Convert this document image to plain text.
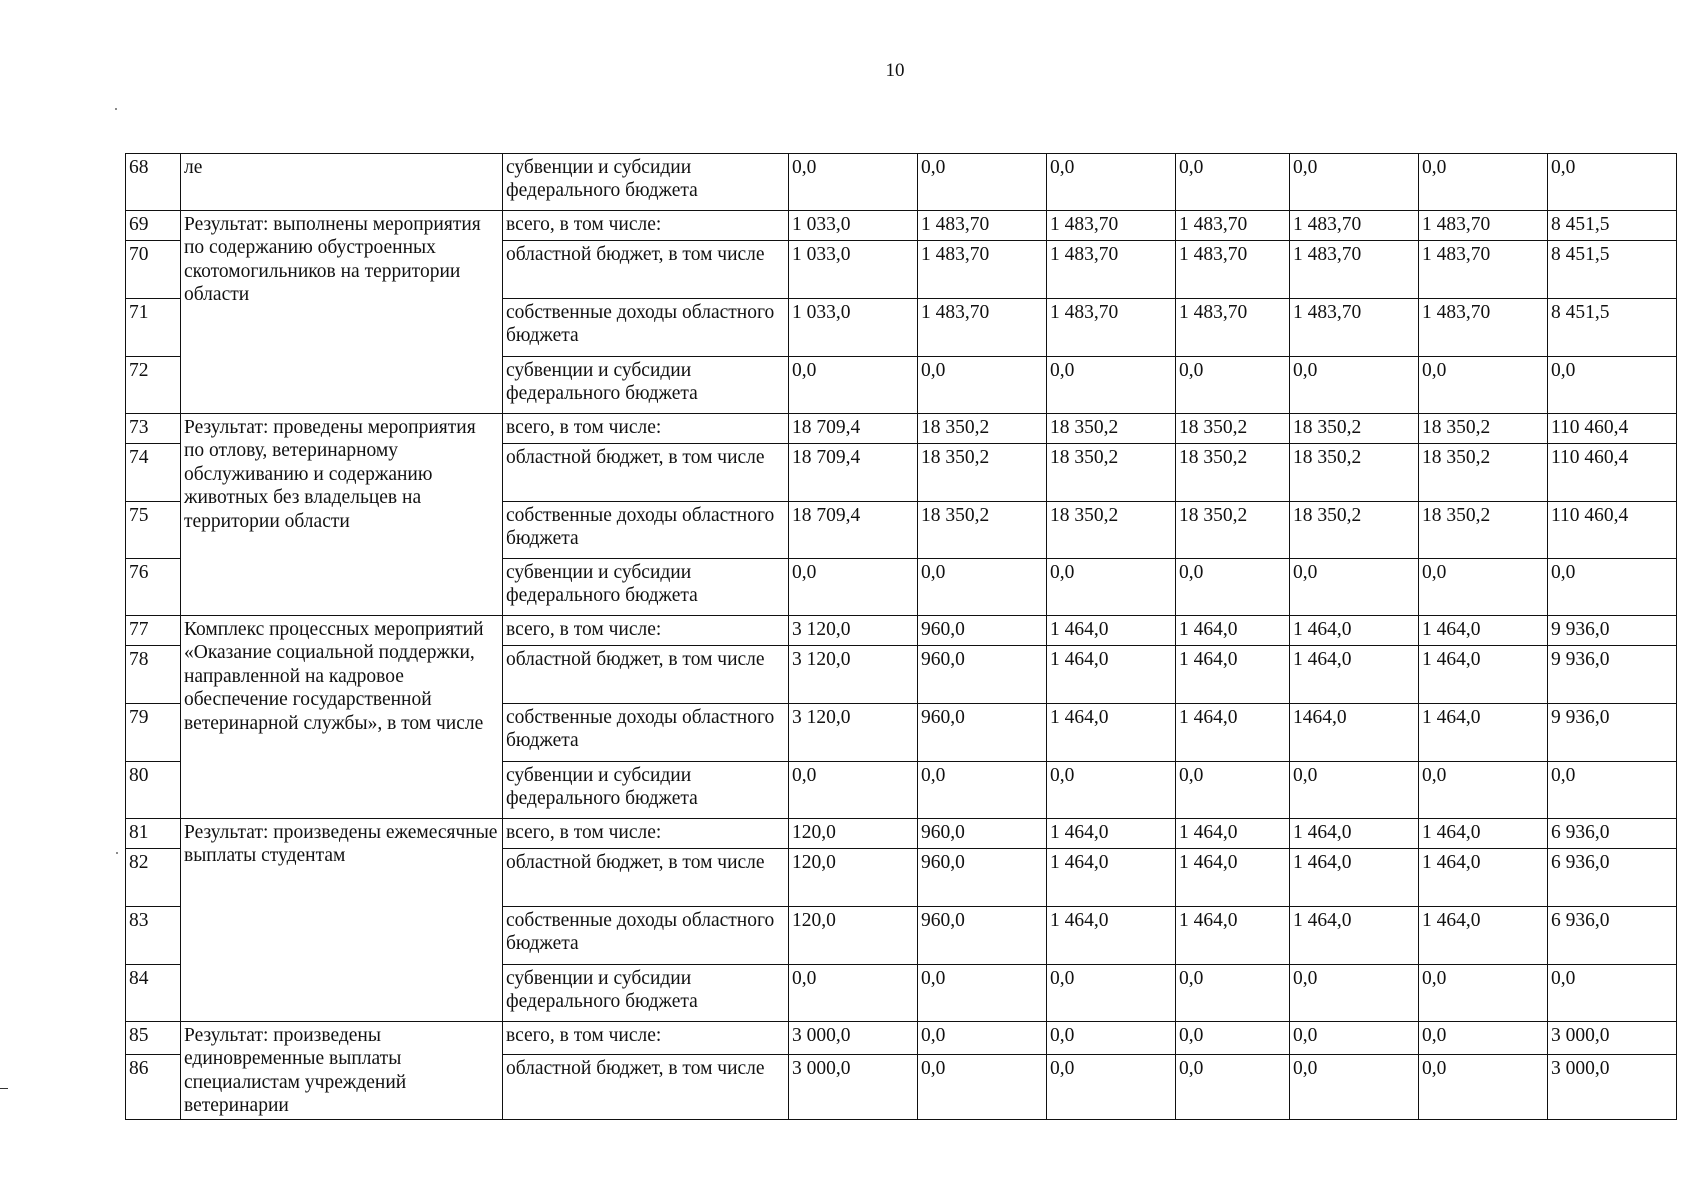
10
68	ле	субвенции и субсидии федерального бюджета	0,0	0,0	0,0	0,0	0,0	0,0	0,0
69	Результат: выполнены мероприятия по содержанию обустроенных скотомогильников на территории области	всего, в том числе:	1 033,0	1 483,70	1 483,70	1 483,70	1 483,70	1 483,70	8 451,5
70		областной бюджет, в том числе	1 033,0	1 483,70	1 483,70	1 483,70	1 483,70	1 483,70	8 451,5
71		собственные доходы областного бюджета	1 033,0	1 483,70	1 483,70	1 483,70	1 483,70	1 483,70	8 451,5
72		субвенции и субсидии федерального бюджета	0,0	0,0	0,0	0,0	0,0	0,0	0,0
73	Результат: проведены мероприятия по отлову, ветеринарному обслуживанию и содержанию животных без владельцев на территории области	всего, в том числе:	18 709,4	18 350,2	18 350,2	18 350,2	18 350,2	18 350,2	110 460,4
74		областной бюджет, в том числе	18 709,4	18 350,2	18 350,2	18 350,2	18 350,2	18 350,2	110 460,4
75		собственные доходы областного бюджета	18 709,4	18 350,2	18 350,2	18 350,2	18 350,2	18 350,2	110 460,4
76		субвенции и субсидии федерального бюджета	0,0	0,0	0,0	0,0	0,0	0,0	0,0
77	Комплекс процессных мероприятий «Оказание социальной поддержки, направленной на кадровое обеспечение государственной ветеринарной службы», в том числе	всего, в том числе:	3 120,0	960,0	1 464,0	1 464,0	1 464,0	1 464,0	9 936,0
78		областной бюджет, в том числе	3 120,0	960,0	1 464,0	1 464,0	1 464,0	1 464,0	9 936,0
79		собственные доходы областного бюджета	3 120,0	960,0	1 464,0	1 464,0	1464,0	1 464,0	9 936,0
80		субвенции и субсидии федерального бюджета	0,0	0,0	0,0	0,0	0,0	0,0	0,0
81	Результат: произведены ежемесячные выплаты студентам	всего, в том числе:	120,0	960,0	1 464,0	1 464,0	1 464,0	1 464,0	6 936,0
82		областной бюджет, в том числе	120,0	960,0	1 464,0	1 464,0	1 464,0	1 464,0	6 936,0
83		собственные доходы областного бюджета	120,0	960,0	1 464,0	1 464,0	1 464,0	1 464,0	6 936,0
84		субвенции и субсидии федерального бюджета	0,0	0,0	0,0	0,0	0,0	0,0	0,0
85	Результат: произведены единовременные выплаты специалистам учреждений ветеринарии	всего, в том числе:	3 000,0	0,0	0,0	0,0	0,0	0,0	3 000,0
86		областной бюджет, в том числе	3 000,0	0,0	0,0	0,0	0,0	0,0	3 000,0
